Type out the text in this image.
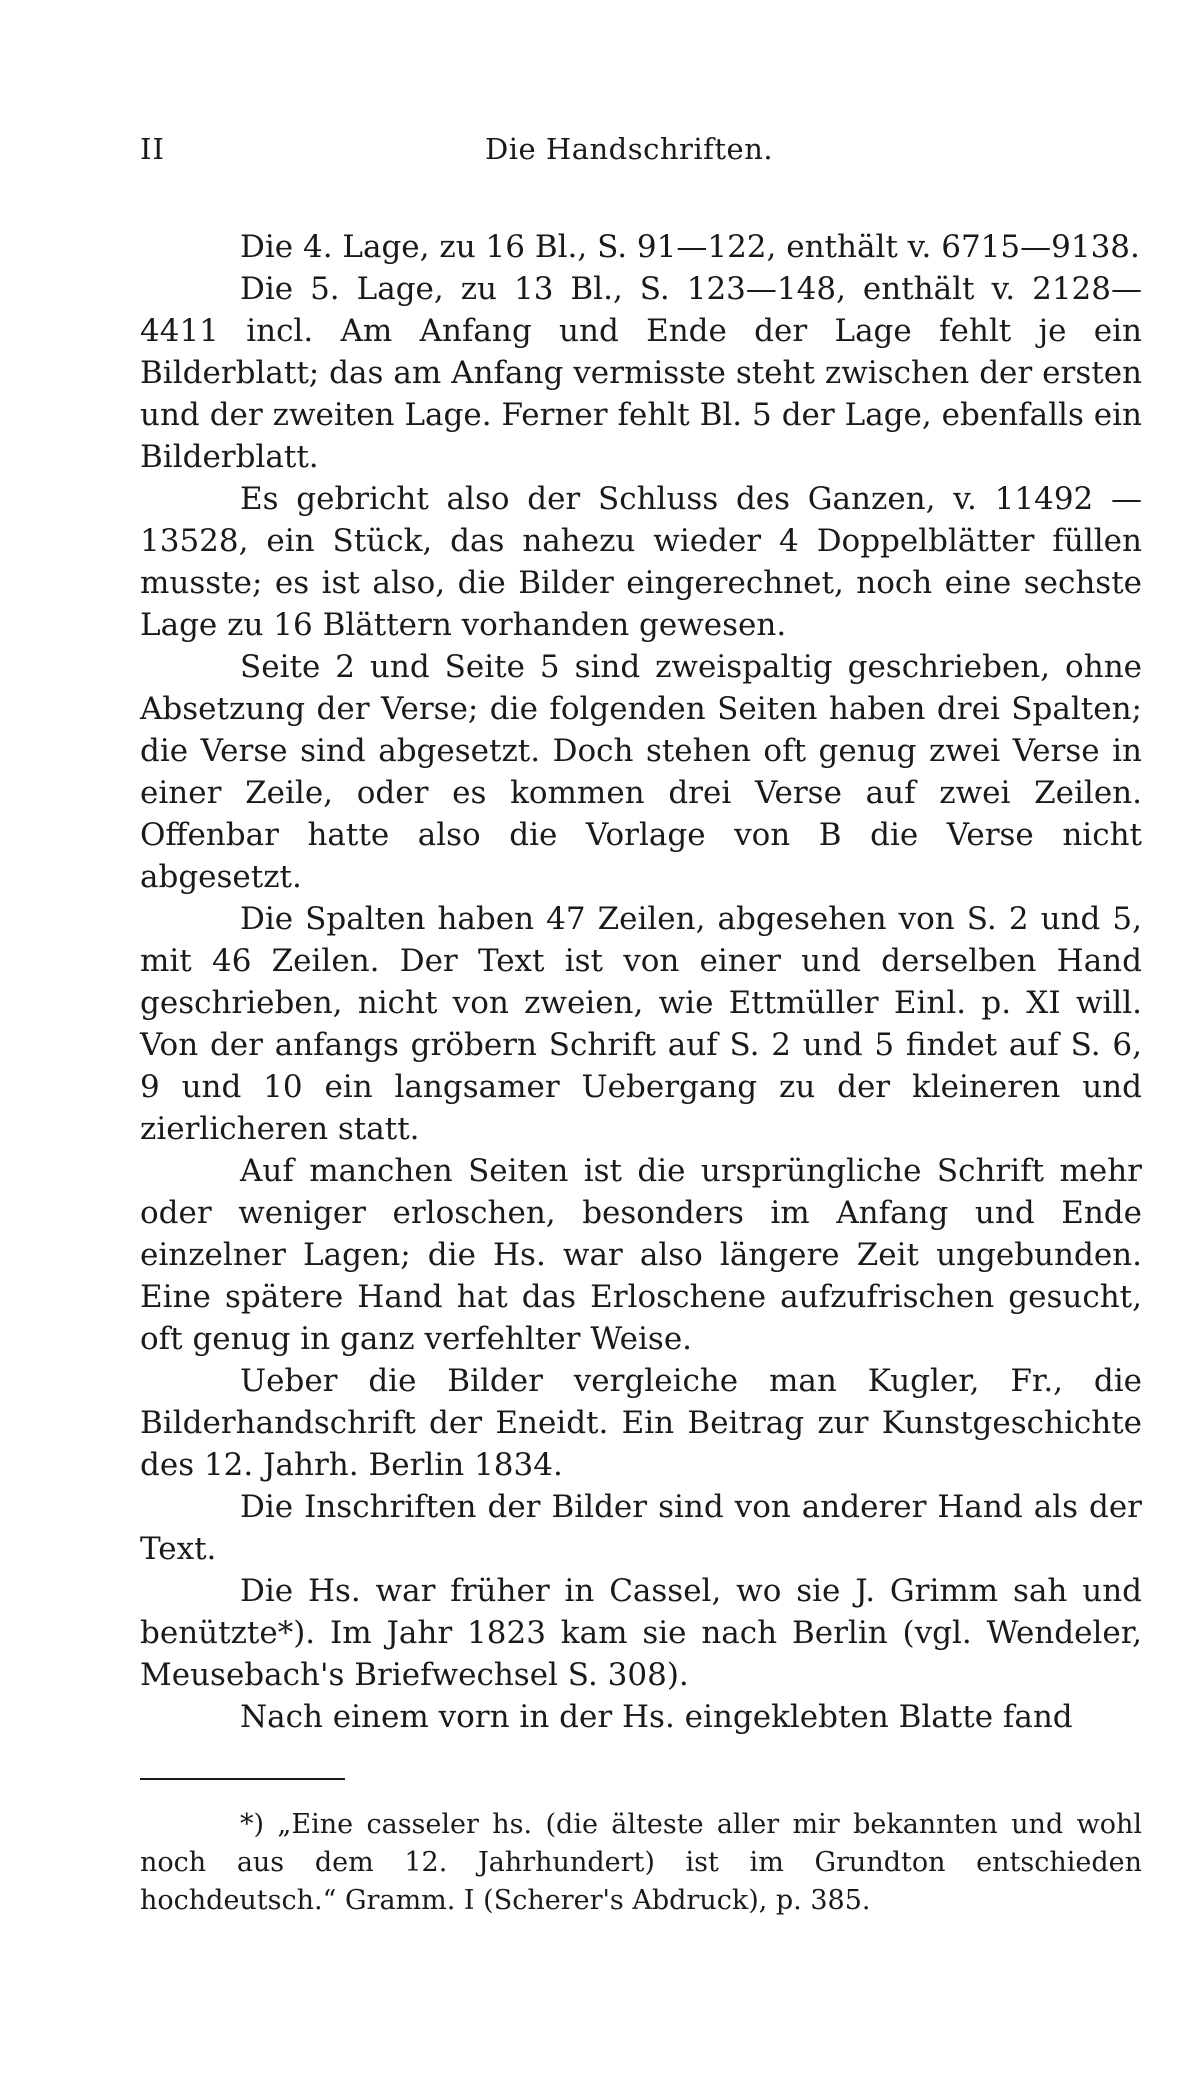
II	Die Handschriften.

Die 4. Lage, zu 16 Bl., S. 91—122, enthält v. 6715—9138.

Die 5. Lage, zu 13 Bl., S. 123—148, enthält v. 2128—4411 incl. Am Anfang und Ende der Lage fehlt je ein Bilderblatt; das am Anfang vermisste steht zwischen der ersten und der zweiten Lage. Ferner fehlt Bl. 5 der Lage, ebenfalls ein Bilderblatt.

Es gebricht also der Schluss des Ganzen, v. 11492 —13528, ein Stück, das nahezu wieder 4 Doppelblätter füllen musste; es ist also, die Bilder eingerechnet, noch eine sechste Lage zu 16 Blättern vorhanden gewesen.

Seite 2 und Seite 5 sind zweispaltig geschrieben, ohne Absetzung der Verse; die folgenden Seiten haben drei Spalten; die Verse sind abgesetzt. Doch stehen oft genug zwei Verse in einer Zeile, oder es kommen drei Verse auf zwei Zeilen. Offenbar hatte also die Vorlage von B die Verse nicht abgesetzt.

Die Spalten haben 47 Zeilen, abgesehen von S. 2 und 5, mit 46 Zeilen. Der Text ist von einer und derselben Hand geschrieben, nicht von zweien, wie Ettmüller Einl. p. XI will. Von der anfangs gröbern Schrift auf S. 2 und 5 findet auf S. 6, 9 und 10 ein langsamer Uebergang zu der kleineren und zierlicheren statt.

Auf manchen Seiten ist die ursprüngliche Schrift mehr oder weniger erloschen, besonders im Anfang und Ende einzelner Lagen; die Hs. war also längere Zeit ungebunden. Eine spätere Hand hat das Erloschene aufzufrischen gesucht, oft genug in ganz verfehlter Weise.

Ueber die Bilder vergleiche man Kugler, Fr., die Bilderhandschrift der Eneidt. Ein Beitrag zur Kunstgeschichte des 12. Jahrh. Berlin 1834.

Die Inschriften der Bilder sind von anderer Hand als der Text.

Die Hs. war früher in Cassel, wo sie J. Grimm sah und benützte*). Im Jahr 1823 kam sie nach Berlin (vgl. Wendeler, Meusebach's Briefwechsel S. 308).

Nach einem vorn in der Hs. eingeklebten Blatte fand

*) „Eine casseler hs. (die älteste aller mir bekannten und wohl noch aus dem 12. Jahrhundert) ist im Grundton entschieden hochdeutsch.“ Gramm. I (Scherer's Abdruck), p. 385.
